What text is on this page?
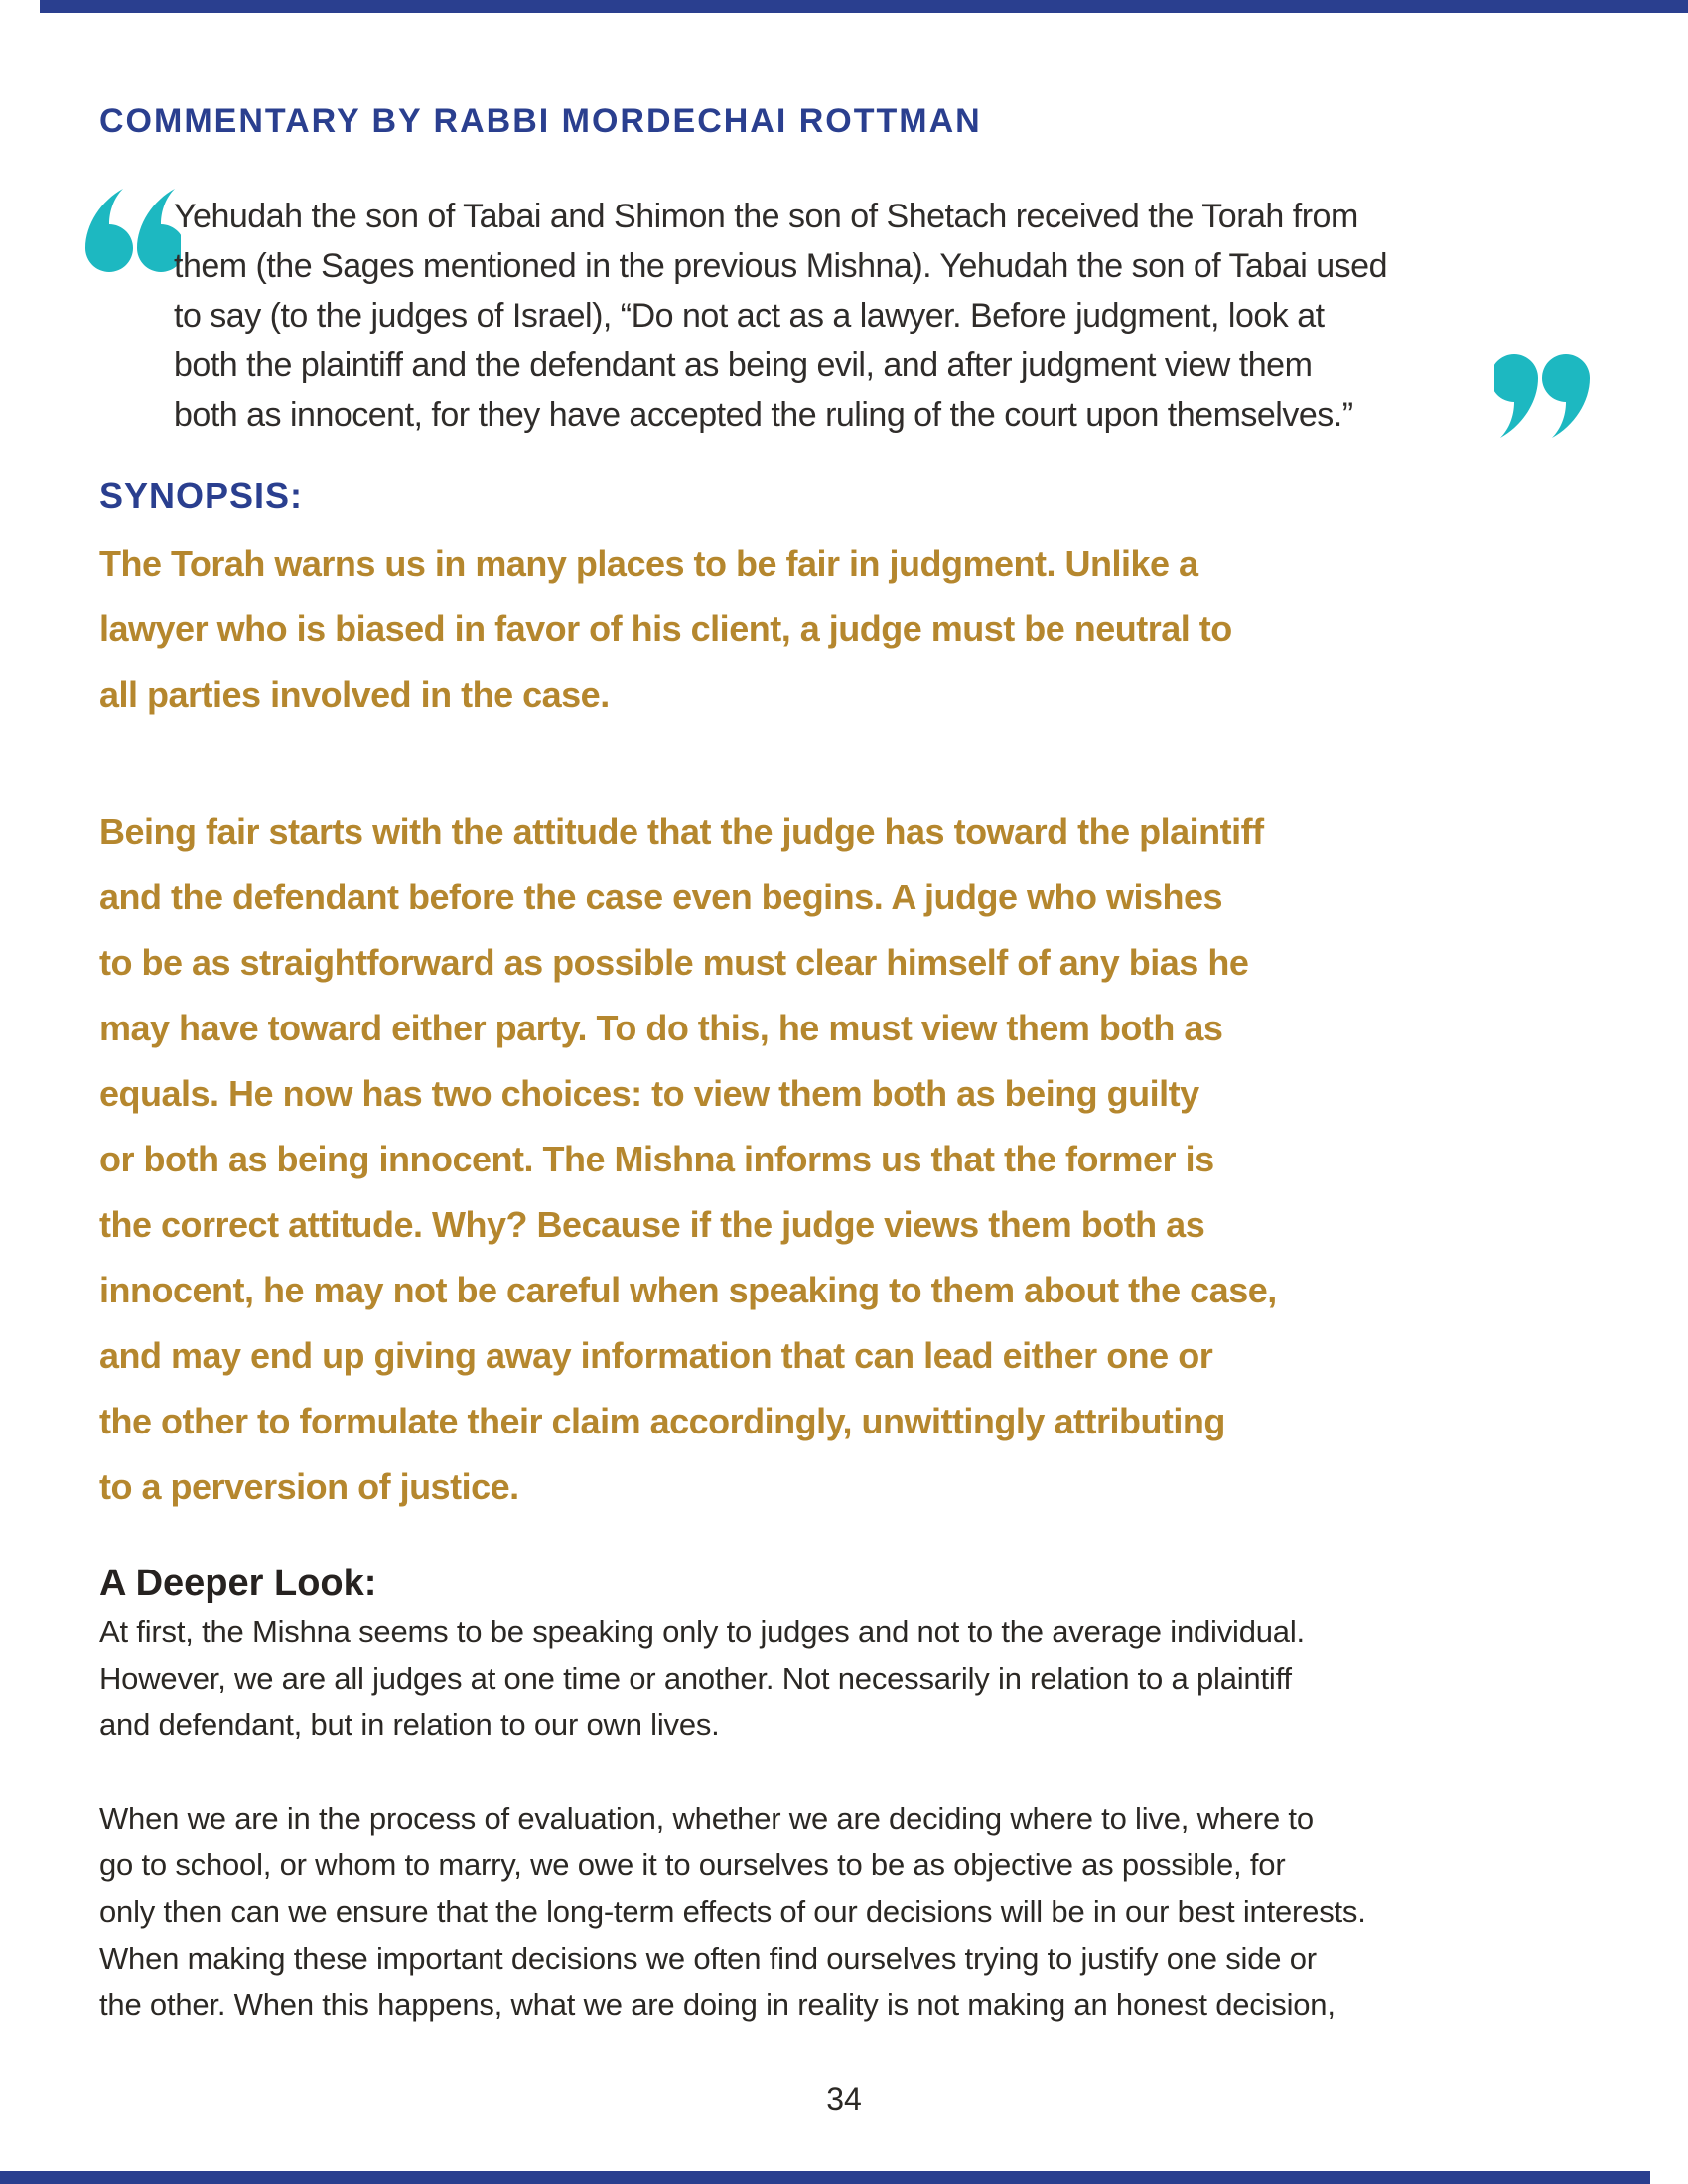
COMMENTARY BY RABBI MORDECHAI ROTTMAN
Yehudah the son of Tabai and Shimon the son of Shetach received the Torah from
them (the Sages mentioned in the previous Mishna). Yehudah the son of Tabai used
to say (to the judges of Israel), “Do not act as a lawyer. Before judgment, look at
both the plaintiff and the defendant as being evil, and after judgment view them
both as innocent, for they have accepted the ruling of the court upon themselves.”
SYNOPSIS:
The Torah warns us in many places to be fair in judgment. Unlike a
lawyer who is biased in favor of his client, a judge must be neutral to
all parties involved in the case.
Being fair starts with the attitude that the judge has toward the plaintiff
and the defendant before the case even begins. A judge who wishes
to be as straightforward as possible must clear himself of any bias he
may have toward either party. To do this, he must view them both as
equals. He now has two choices: to view them both as being guilty
or both as being innocent. The Mishna informs us that the former is
the correct attitude. Why? Because if the judge views them both as
innocent, he may not be careful when speaking to them about the case,
and may end up giving away information that can lead either one or
the other to formulate their claim accordingly, unwittingly attributing
to a perversion of justice.
A Deeper Look:
At first, the Mishna seems to be speaking only to judges and not to the average individual.
However, we are all judges at one time or another. Not necessarily in relation to a plaintiff
and defendant, but in relation to our own lives.
When we are in the process of evaluation, whether we are deciding where to live, where to
go to school, or whom to marry, we owe it to ourselves to be as objective as possible, for
only then can we ensure that the long-term effects of our decisions will be in our best interests.
When making these important decisions we often find ourselves trying to justify one side or
the other. When this happens, what we are doing in reality is not making an honest decision,
34
